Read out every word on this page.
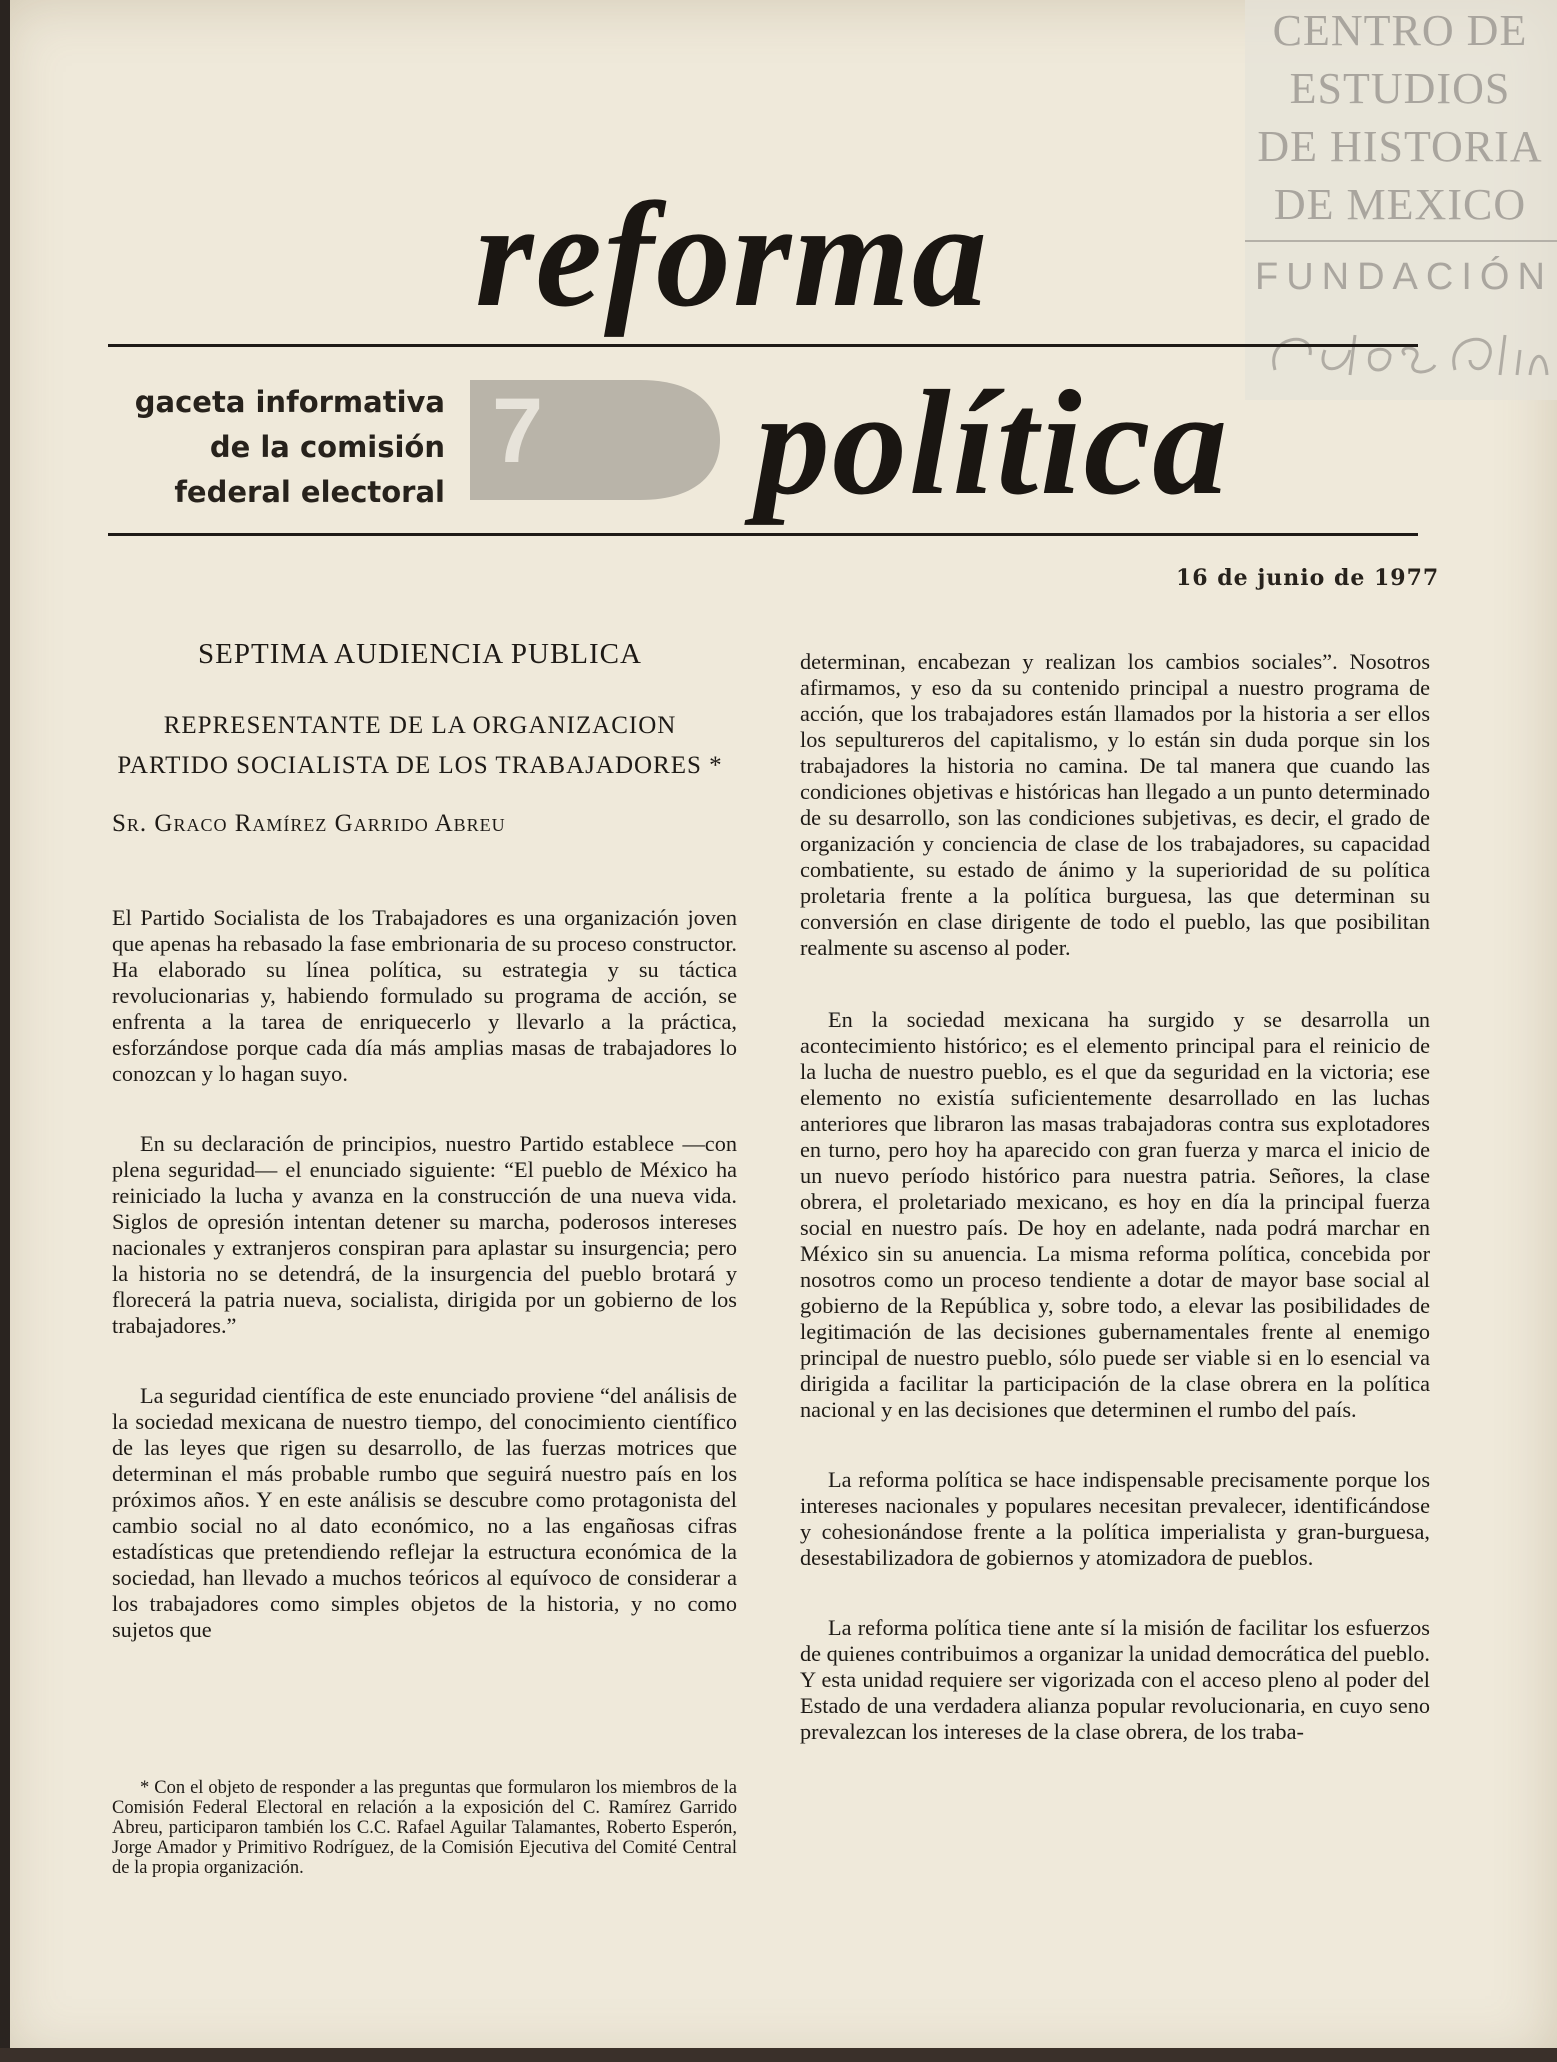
CENTRO DE
ESTUDIOS
DE HISTORIA
DE MEXICO
FUNDACIÓN
reforma
gaceta informativa
de la comisión
federal electoral
7 política
16 de junio de 1977
SEPTIMA AUDIENCIA PUBLICA
REPRESENTANTE DE LA ORGANIZACION
PARTIDO SOCIALISTA DE LOS TRABAJADORES *
Sr. Graco Ramírez Garrido Abreu

El Partido Socialista de los Trabajadores es una organización joven que apenas ha rebasado la fase embrionaria de su proceso constructor. Ha elaborado su línea política, su estrategia y su táctica revolucionarias y, habiendo formulado su programa de acción, se enfrenta a la tarea de enriquecerlo y llevarlo a la práctica, esforzándose porque cada día más amplias masas de trabajadores lo conozcan y lo hagan suyo.

En su declaración de principios, nuestro Partido establece —con plena seguridad— el enunciado siguiente: “El pueblo de México ha reiniciado la lucha y avanza en la construcción de una nueva vida. Siglos de opresión intentan detener su marcha, poderosos intereses nacionales y extranjeros conspiran para aplastar su insurgencia; pero la historia no se detendrá, de la insurgencia del pueblo brotará y florecerá la patria nueva, socialista, dirigida por un gobierno de los trabajadores.”

La seguridad científica de este enunciado proviene “del análisis de la sociedad mexicana de nuestro tiempo, del conocimiento científico de las leyes que rigen su desarrollo, de las fuerzas motrices que determinan el más probable rumbo que seguirá nuestro país en los próximos años. Y en este análisis se descubre como protagonista del cambio social no al dato económico, no a las engañosas cifras estadísticas que pretendiendo reflejar la estructura económica de la sociedad, han llevado a muchos teóricos al equívoco de considerar a los trabajadores como simples objetos de la historia, y no como sujetos que

* Con el objeto de responder a las preguntas que formularon los miembros de la Comisión Federal Electoral en relación a la exposición del C. Ramírez Garrido Abreu, participaron también los C.C. Rafael Aguilar Talamantes, Roberto Esperón, Jorge Amador y Primitivo Rodríguez, de la Comisión Ejecutiva del Comité Central de la propia organización.

determinan, encabezan y realizan los cambios sociales”. Nosotros afirmamos, y eso da su contenido principal a nuestro programa de acción, que los trabajadores están llamados por la historia a ser ellos los sepultureros del capitalismo, y lo están sin duda porque sin los trabajadores la historia no camina. De tal manera que cuando las condiciones objetivas e históricas han llegado a un punto determinado de su desarrollo, son las condiciones subjetivas, es decir, el grado de organización y conciencia de clase de los trabajadores, su capacidad combatiente, su estado de ánimo y la superioridad de su política proletaria frente a la política burguesa, las que determinan su conversión en clase dirigente de todo el pueblo, las que posibilitan realmente su ascenso al poder.

En la sociedad mexicana ha surgido y se desarrolla un acontecimiento histórico; es el elemento principal para el reinicio de la lucha de nuestro pueblo, es el que da seguridad en la victoria; ese elemento no existía suficientemente desarrollado en las luchas anteriores que libraron las masas trabajadoras contra sus explotadores en turno, pero hoy ha aparecido con gran fuerza y marca el inicio de un nuevo período histórico para nuestra patria. Señores, la clase obrera, el proletariado mexicano, es hoy en día la principal fuerza social en nuestro país. De hoy en adelante, nada podrá marchar en México sin su anuencia. La misma reforma política, concebida por nosotros como un proceso tendiente a dotar de mayor base social al gobierno de la República y, sobre todo, a elevar las posibilidades de legitimación de las decisiones gubernamentales frente al enemigo principal de nuestro pueblo, sólo puede ser viable si en lo esencial va dirigida a facilitar la participación de la clase obrera en la política nacional y en las decisiones que determinen el rumbo del país.

La reforma política se hace indispensable precisamente porque los intereses nacionales y populares necesitan prevalecer, identificándose y cohesionándose frente a la política imperialista y gran-burguesa, desestabilizadora de gobiernos y atomizadora de pueblos.

La reforma política tiene ante sí la misión de facilitar los esfuerzos de quienes contribuimos a organizar la unidad democrática del pueblo. Y esta unidad requiere ser vigorizada con el acceso pleno al poder del Estado de una verdadera alianza popular revolucionaria, en cuyo seno prevalezcan los intereses de la clase obrera, de los traba-
